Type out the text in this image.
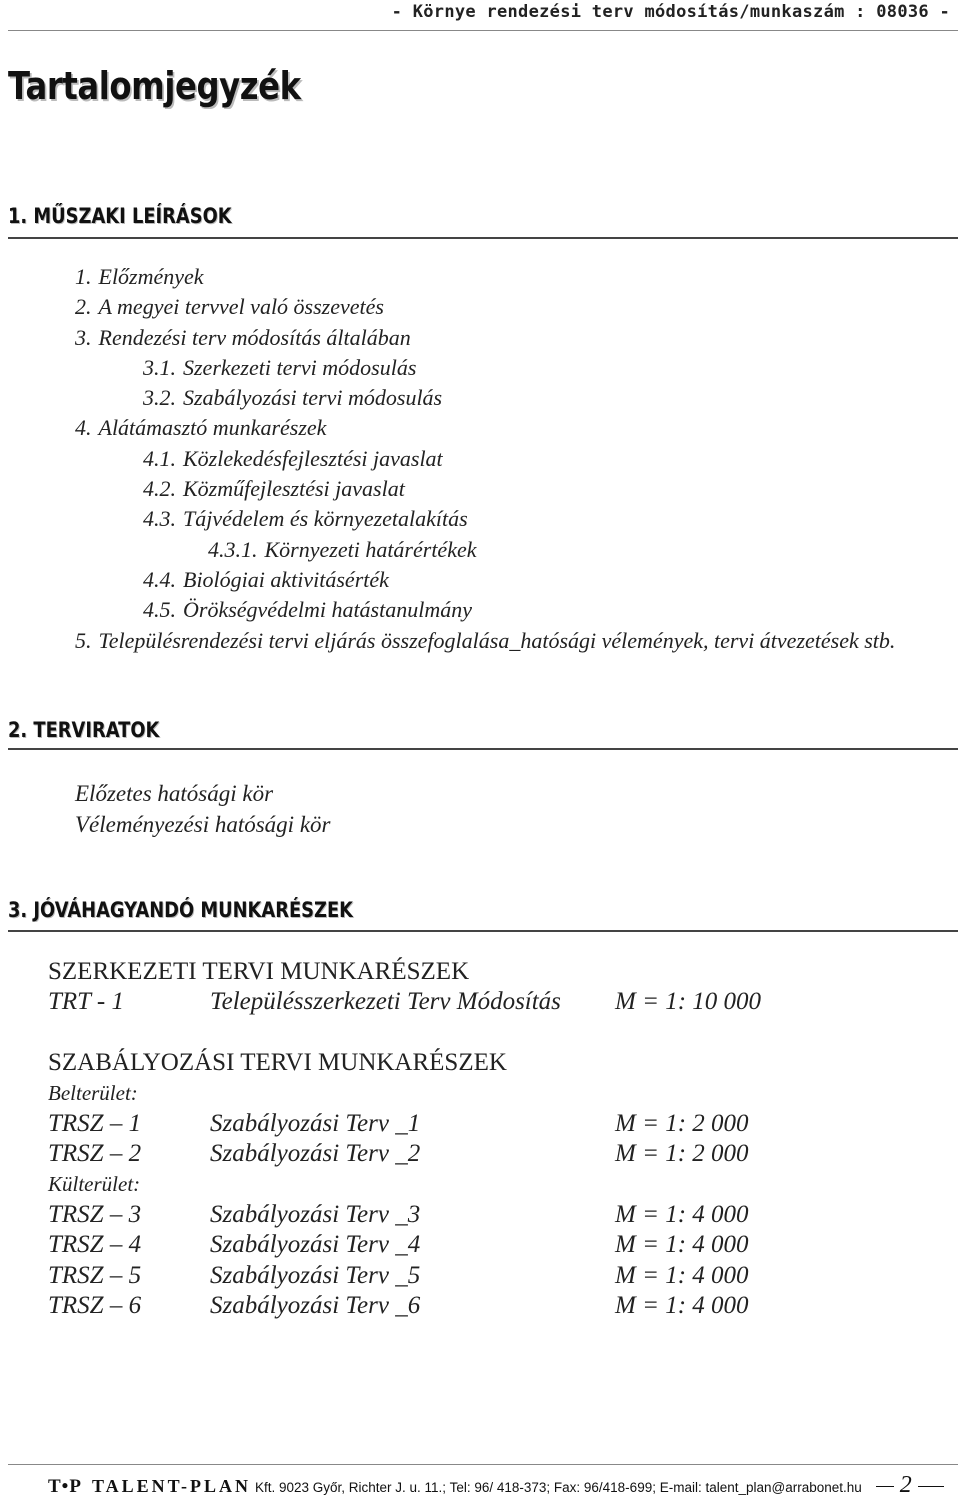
- Környe rendezési terv módosítás/munkaszám : 08036 -
Tartalomjegyzék
1. MŰSZAKI LEÍRÁSOK
1. Előzmények
2. A megyei tervvel való összevetés
3. Rendezési terv módosítás általában
3.1. Szerkezeti tervi módosulás
3.2. Szabályozási tervi módosulás
4. Alátámasztó munkarészek
4.1. Közlekedésfejlesztési javaslat
4.2. Közműfejlesztési javaslat
4.3. Tájvédelem és környezetalakítás
4.3.1. Környezeti határértékek
4.4. Biológiai aktivitásérték
4.5. Örökségvédelmi hatástanulmány
5. Településrendezési tervi eljárás összefoglalása_hatósági vélemények, tervi átvezetések stb.
2. TERVIRATOK
Előzetes hatósági kör
Véleményezési hatósági kör
3. JÓVÁHAGYANDÓ MUNKARÉSZEK
SZERKEZETI TERVI MUNKARÉSZEK
TRT - 1	Településszerkezeti Terv Módosítás M = 1: 10 000
SZABÁLYOZÁSI TERVI MUNKARÉSZEK
Belterület:
TRSZ – 1	Szabályozási Terv _1	M = 1: 2 000
TRSZ – 2	Szabályozási Terv _2	M = 1: 2 000
Külterület:
TRSZ – 3	Szabályozási Terv _3	M = 1: 4 000
TRSZ – 4	Szabályozási Terv _4	M = 1: 4 000
TRSZ – 5	Szabályozási Terv _5	M = 1: 4 000
TRSZ – 6	Szabályozási Terv _6	M = 1: 4 000
T•P TALENT-PLAN Kft. 9023 Győr, Richter J. u. 11.; Tel: 96/ 418-373; Fax: 96/418-699; E-mail: talent_plan@arrabonet.hu	2
